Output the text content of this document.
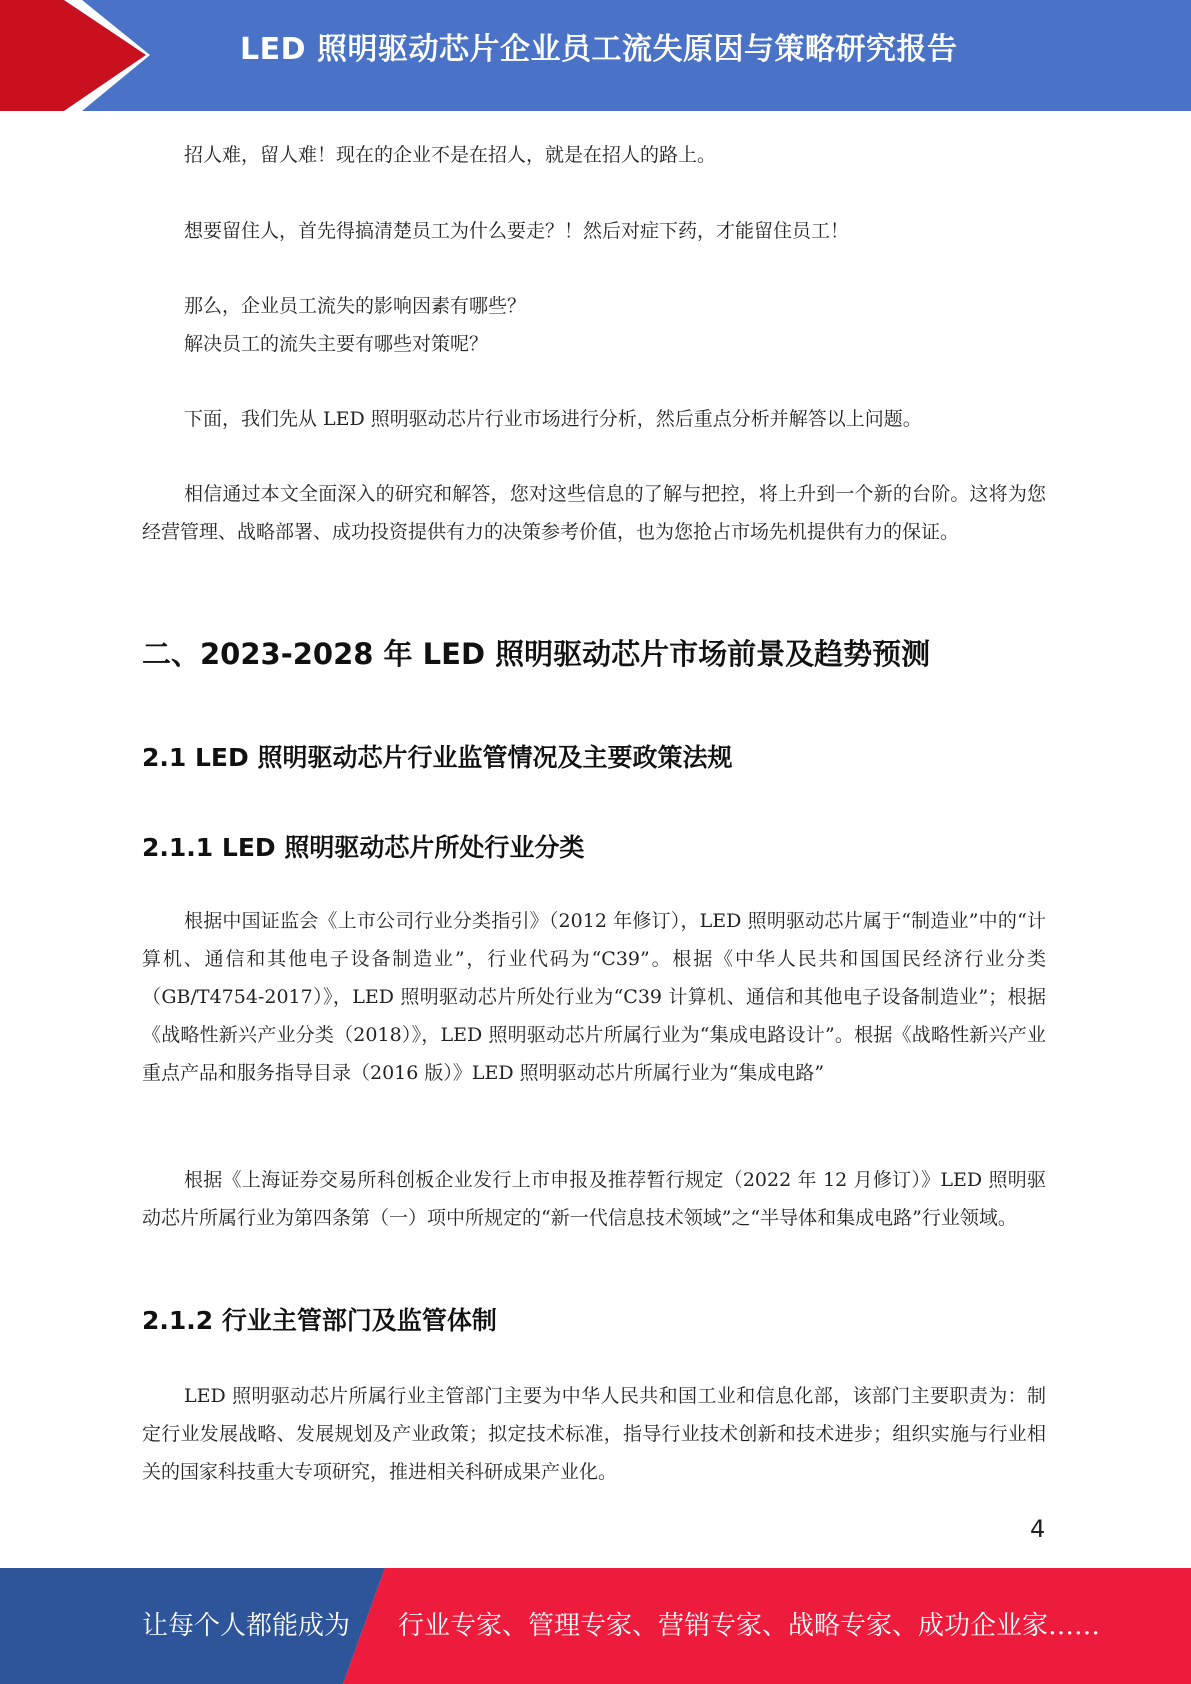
LED 照明驱动芯片企业员工流失原因与策略研究报告

招人难，留人难！现在的企业不是在招人，就是在招人的路上。

想要留住人，首先得搞清楚员工为什么要走？！然后对症下药，才能留住员工！

那么，企业员工流失的影响因素有哪些？

解决员工的流失主要有哪些对策呢？

下面，我们先从 LED 照明驱动芯片行业市场进行分析，然后重点分析并解答以上问题。

相信通过本文全面深入的研究和解答，您对这些信息的了解与把控，将上升到一个新的台阶。这将为您经营管理、战略部署、成功投资提供有力的决策参考价值，也为您抢占市场先机提供有力的保证。

二、2023-2028 年 LED 照明驱动芯片市场前景及趋势预测
2.1 LED 照明驱动芯片行业监管情况及主要政策法规
2.1.1 LED 照明驱动芯片所处行业分类

根据中国证监会《上市公司行业分类指引》（2012 年修订），LED 照明驱动芯片属于“制造业”中的“计算机、通信和其他电子设备制造业”，行业代码为“C39”。根据《中华人民共和国国民经济行业分类（GB/T4754-2017）》，LED 照明驱动芯片所处行业为“C39 计算机、通信和其他电子设备制造业”；根据《战略性新兴产业分类（2018）》，LED 照明驱动芯片所属行业为“集成电路设计”。根据《战略性新兴产业重点产品和服务指导目录（2016 版）》LED 照明驱动芯片所属行业为“集成电路”

根据《上海证券交易所科创板企业发行上市申报及推荐暂行规定（2022 年 12 月修订）》LED 照明驱动芯片所属行业为第四条第（一）项中所规定的“新一代信息技术领域”之“半导体和集成电路”行业领域。

2.1.2 行业主管部门及监管体制

LED 照明驱动芯片所属行业主管部门主要为中华人民共和国工业和信息化部，该部门主要职责为：制定行业发展战略、发展规划及产业政策；拟定技术标准，指导行业技术创新和技术进步；组织实施与行业相关的国家科技重大专项研究，推进相关科研成果产业化。

4
让每个人都能成为 行业专家、管理专家、营销专家、战略专家、成功企业家……
